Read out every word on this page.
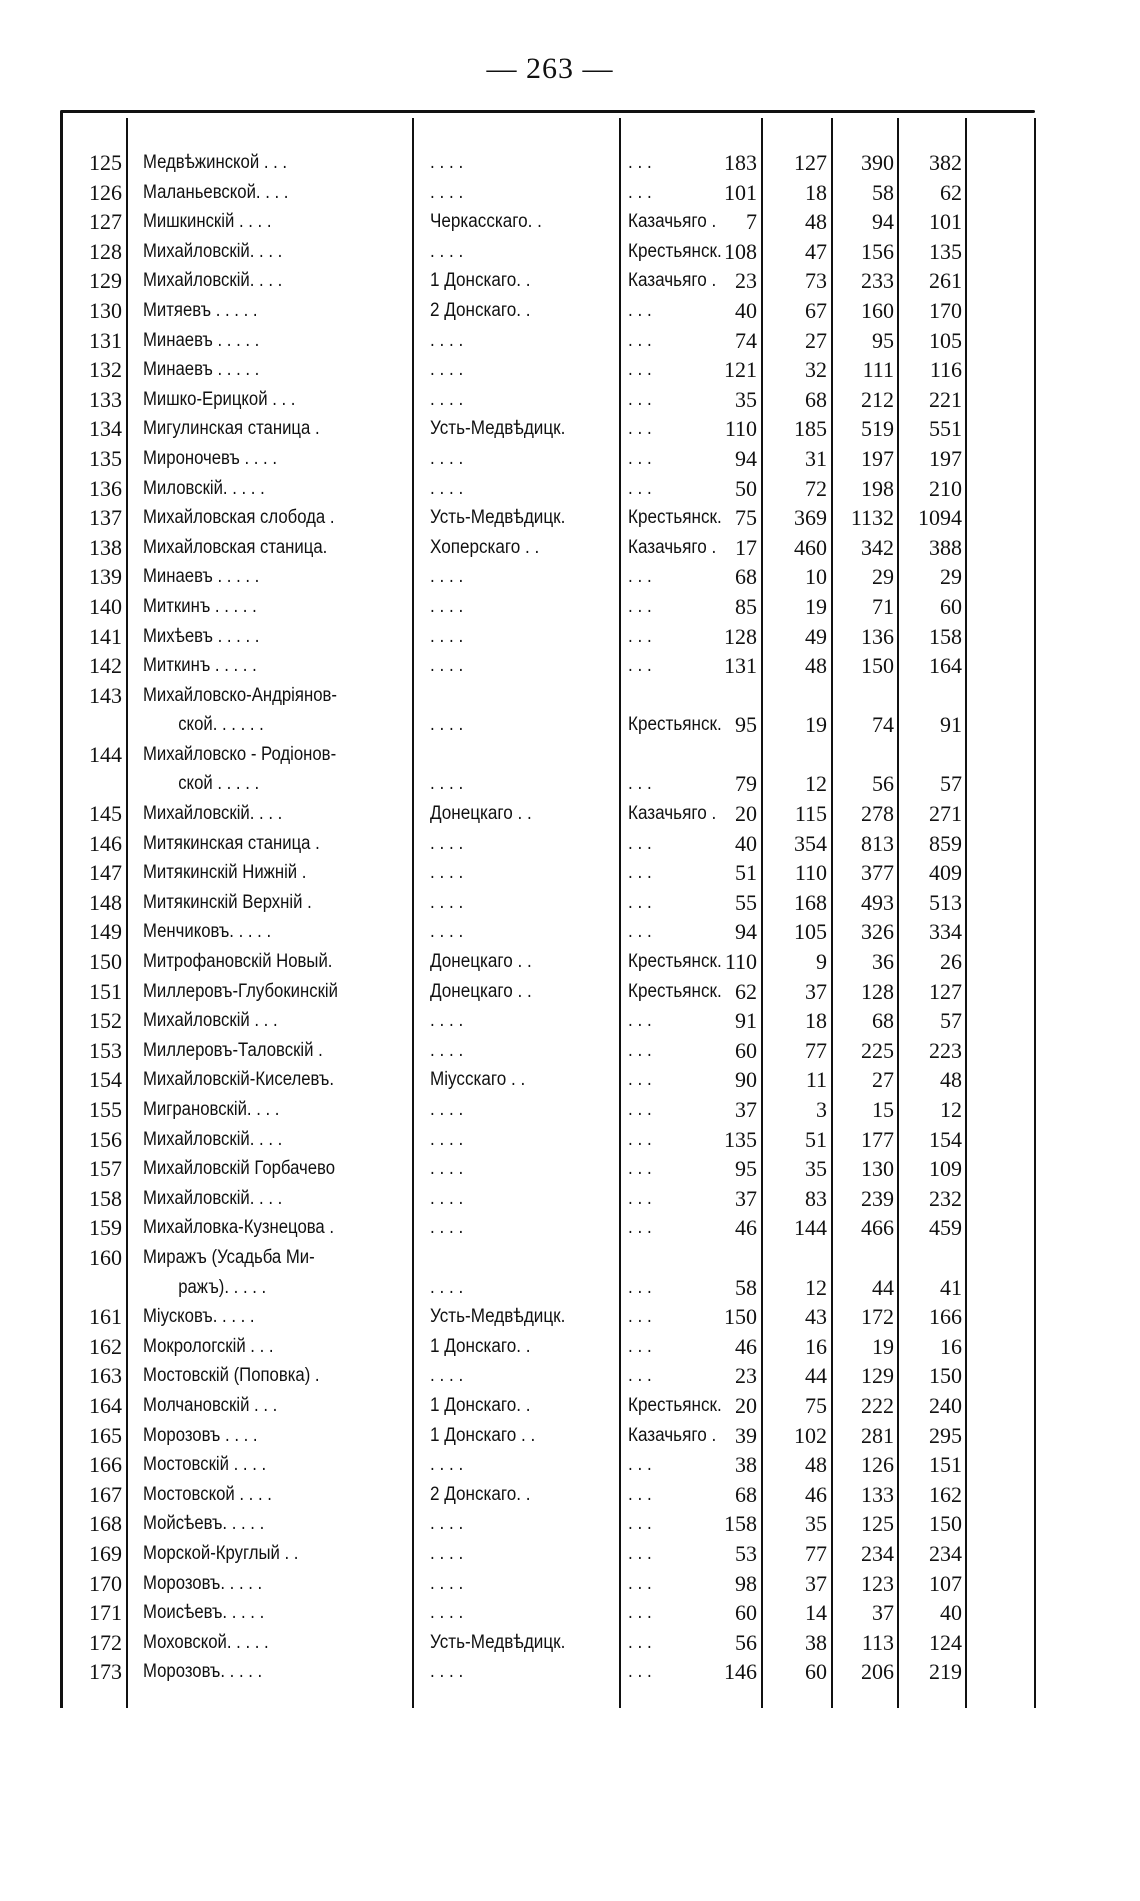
— 263 —
125 Медвѣжинской . . .	. . . .	. . .	183	127	390	382
126 Маланьевской. . . .	. . . .	. . .	101	18	58	62
127 Мишкинскій . . . .	Черкасскаго. .	Казачьяго .	7	48	94	101
128 Михайловскій. . . .	. . . .	Крестьянск. 108	47	156	135
129 Михайловскій. . . .	1 Донскаго. .	Казачьяго . 23	73	233	261
130 Митяевъ . . . . .	2 Донскаго. .	. . .	40	67	160	170
131 Минаевъ . . . . .	. . . .	. . .	74	27	95	105
132 Минаевъ . . . . .	. . . .	. . .	121	32	111	116
133 Мишко-Ерицкой . . .	. . . .	. . .	35	68	212	221
134 Мигулинская станица .	Усть-Медвѣдицк.	. . .	110	185	519	551
135 Мироночевъ . . . .	. . . .	. . .	94	31	197	197
136 Миловскій. . . . .	. . . .	. . .	50	72	198	210
137 Михайловская слобода .	Усть-Медвѣдицк.	Крестьянск. 75	369	1132	1094
138 Михайловская станица.	Хоперскаго . .	Казачьяго . 17	460	342	388
139 Минаевъ . . . . .	. . . .	. . .	68	10	29	29
140 Миткинъ . . . . .	. . . .	. . .	85	19	71	60
141 Михѣевъ . . . . .	. . . .	. . .	128	49	136	158
142 Миткинъ . . . . .	. . . .	. . .	131	48	150	164
143 Михайловско-Андріянов-
ской. . . . . .	. . . .	Крестьянск. 95	19	74	91
144 Михайловско - Родіонов-
ской . . . . .	. . . .	. . .	79	12	56	57
145 Михайловскій. . . .	Донецкаго . .	Казачьяго . 20	115	278	271
146 Митякинская станица .	. . . .	. . .	40	354	813	859
147 Митякинскій Нижній .	. . . .	. . .	51	110	377	409
148 Митякинскій Верхній .	. . . .	. . .	55	168	493	513
149 Менчиковъ. . . . .	. . . .	. . .	94	105	326	334
150 Митрофановскій Новый.	Донецкаго . .	Крестьянск. 110	9	36	26
151 Миллеровъ-Глубокинскій	Донецкаго . .	Крестьянск. 62	37	128	127
152 Михайловскій . . .	. . . .	. . .	91	18	68	57
153 Миллеровъ-Таловскій .	. . . .	. . .	60	77	225	223
154 Михайловскій-Киселевъ.	Міусскаго . .	. . .	90	11	27	48
155 Миграновскій. . . .	. . . .	. . .	37	3	15	12
156 Михайловскій. . . .	. . . .	. . .	135	51	177	154
157 Михайловскій Горбачево	. . . .	. . .	95	35	130	109
158 Михайловскій. . . .	. . . .	. . .	37	83	239	232
159 Михайловка-Кузнецова .	. . . .	. . .	46	144	466	459
160 Миражъ (Усадьба Ми-
ражъ). . . . .	. . . .	. . .	58	12	44	41
161 Міусковъ. . . . .	Усть-Медвѣдицк.	. . .	150	43	172	166
162 Мокрологскій . . .	1 Донскаго. .	. . .	46	16	19	16
163 Мостовскій (Поповка) .	. . . .	. . .	23	44	129	150
164 Молчановскій . . .	1 Донскаго. .	Крестьянск. 20	75	222	240
165 Морозовъ . . . .	1 Донскаго . .	Казачьяго . 39	102	281	295
166 Мостовскій . . . .	. . . .	. . .	38	48	126	151
167 Мостовской . . . .	2 Донскаго. .	. . .	68	46	133	162
168 Мойсѣевъ. . . . .	. . . .	. . .	158	35	125	150
169 Морской-Круглый . .	. . . .	. . .	53	77	234	234
170 Морозовъ. . . . .	. . . .	. . .	98	37	123	107
171 Моисѣевъ. . . . .	. . . .	. . .	60	14	37	40
172 Моховской. . . . .	Усть-Медвѣдицк.	. . .	56	38	113	124
173 Морозовъ. . . . .	. . . .	. . .	146	60	206	219
